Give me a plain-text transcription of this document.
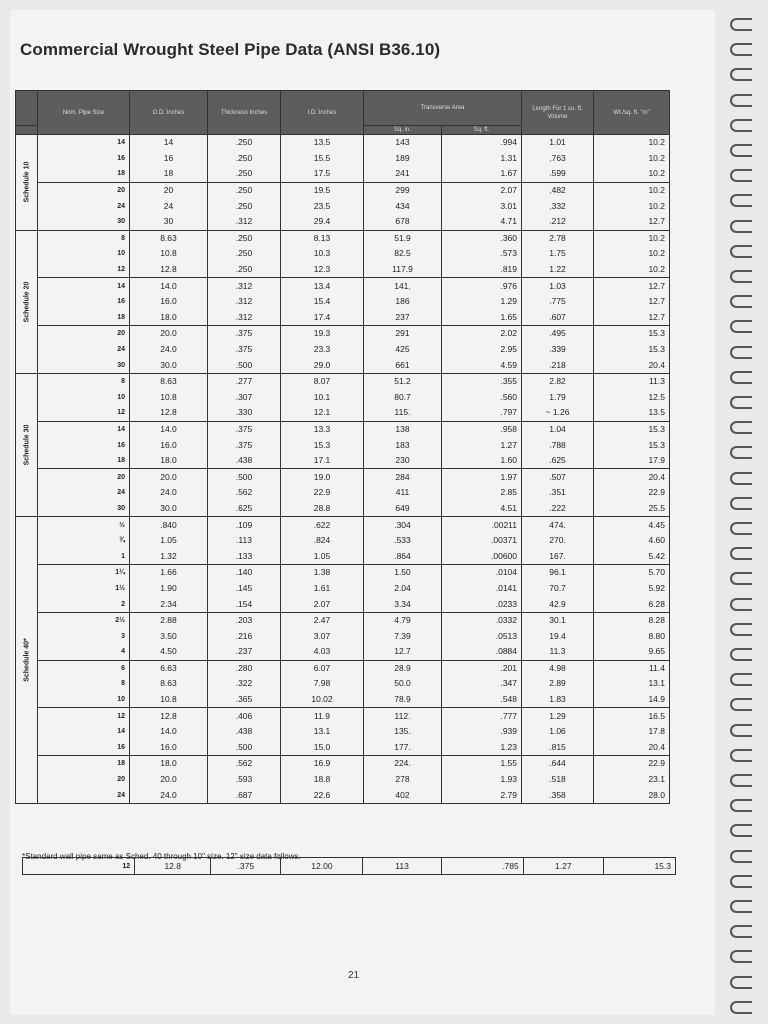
Commercial Wrought Steel Pipe Data (ANSI B36.10)
	Nom. Pipe Size	O.D. Inches	Thickness Inches	I.D. Inches	Transverse Area		Length For 1 cu. ft. Volume	Wt./sq. ft. "m"
					Sq. in.	Sq. ft.		

Schedule 10	14	14	.250	13.5	143	.994	1.01	10.2
	16	16	.250	15.5	189	1.31	.763	10.2
	18	18	.250	17.5	241	1.67	.599	10.2
	20	20	.250	19.5	299	2.07	.482	10.2
	24	24	.250	23.5	434	3.01	.332	10.2
	30	30	.312	29.4	678	4.71	.212	12.7

Schedule 20	8	8.63	.250	8.13	51.9	.360	2.78	10.2
	10	10.8	.250	10.3	82.5	.573	1.75	10.2
	12	12.8	.250	12.3	117.9	.819	1.22	10.2
	14	14.0	.312	13.4	141.	.976	1.03	12.7
	16	16.0	.312	15.4	186	1.29	.775	12.7
	18	18.0	.312	17.4	237	1.65	.607	12.7
	20	20.0	.375	19.3	291	2.02	.495	15.3
	24	24.0	.375	23.3	425	2.95	.339	15.3
	30	30.0	.500	29.0	661	4.59	.218	20.4

Schedule 30	8	8.63	.277	8.07	51.2	.355	2.82	11.3
	10	10.8	.307	10.1	80.7	.560	1.79	12.5
	12	12.8	.330	12.1	115.	.797	~ 1.26	13.5
	14	14.0	.375	13.3	138	.958	1.04	15.3
	16	16.0	.375	15.3	183	1.27	.788	15.3
	18	18.0	.438	17.1	230	1.60	.625	17.9
	20	20.0	.500	19.0	284	1.97	.507	20.4
	24	24.0	.562	22.9	411	2.85	.351	22.9
	30	30.0	.625	28.8	649	4.51	.222	25.5

Schedule 40*	½	.840	.109	.622	.304	.00211	474.	4.45
	¾	1.05	.113	.824	.533	.00371	270.	4.60
	1	1.32	.133	1.05	.864	.00600	167.	5.42
	1¼	1.66	.140	1.38	1.50	.0104	96.1	5.70
	1½	1.90	.145	1.61	2.04	.0141	70.7	5.92
	2	2.34	.154	2.07	3.34	.0233	42.9	6.28
	2½	2.88	.203	2.47	4.79	.0332	30.1	8.28
	3	3.50	.216	3.07	7.39	.0513	19.4	8.80
	4	4.50	.237	4.03	12.7	.0884	11.3	9.65
	6	6.63	.280	6.07	28.9	.201	4.98	11.4
	8	8.63	.322	7.98	50.0	.347	2.89	13.1
	10	10.8	.365	10.02	78.9	.548	1.83	14.9
	12	12.8	.406	11.9	112.	.777	1.29	16.5
	14	14.0	.438	13.1	135.	.939	1.06	17.8
	16	16.0	.500	15.0	177.	1.23	.815	20.4
	18	18.0	.562	16.9	224.	1.55	.644	22.9
	20	20.0	.593	18.8	278	1.93	.518	23.1
	24	24.0	.687	22.6	402	2.79	.358	28.0
*Standard wall pipe same as Sched. 40 through 10" size. 12" size data follows.
12	12.8	.375	12.00	113	.785	1.27	15.3
21
